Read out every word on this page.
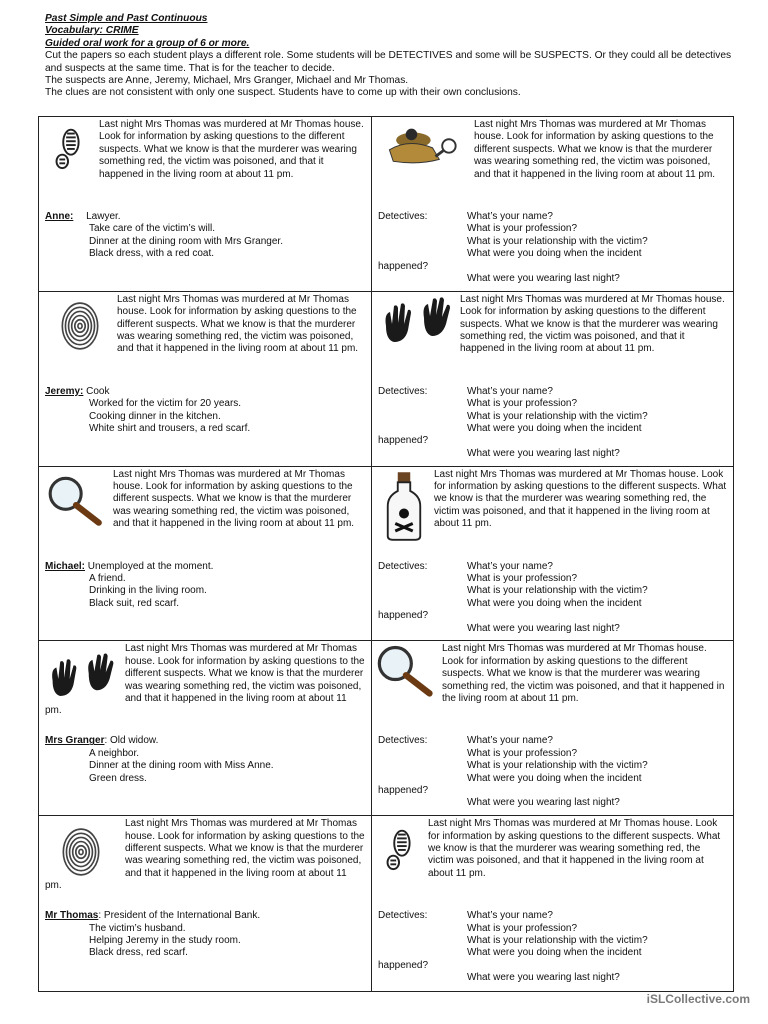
Past Simple and Past Continuous

Vocabulary: CRIME

Guided oral work for a group of 6 or more.

Cut the papers so each student plays a different role. Some students will be DETECTIVES and some will be SUSPECTS. Or they could all be detectives and suspects at the same time. That is for the teacher to decide.

The suspects are Anne, Jeremy, Michael, Mrs Granger, Michael and Mr Thomas.

The clues are not consistent with only one suspect. Students have to come up with their own conclusions.

Last night Mrs Thomas was murdered at Mr Thomas house. Look for information by asking questions to the different suspects. What we know is that the murderer was wearing something red, the victim was poisoned, and that it happened in the living room at about 11 pm.
Anne: Lawyer.
Take care of the victim’s will.
Dinner at the dining room with Mrs Granger.
Black dress, with a red coat.
Last night Mrs Thomas was murdered at Mr Thomas house. Look for information by asking questions to the different suspects. What we know is that the murderer was wearing something red, the victim was poisoned, and that it happened in the living room at about 11 pm.
Detectives:	What’s your name?
What is your profession?
What is your relationship with the victim?
What were you doing when the incident
happened?
What were you wearing last night?
Last night Mrs Thomas was murdered at Mr Thomas house. Look for information by asking questions to the different suspects. What we know is that the murderer was wearing something red, the victim was poisoned, and that it happened in the living room at about 11 pm.
Jeremy: Cook
Worked for the victim for 20 years.
Cooking dinner in the kitchen.
White shirt and trousers, a red scarf.
Last night Mrs Thomas was murdered at Mr Thomas house. Look for information by asking questions to the different suspects. What we know is that the murderer was wearing something red, the victim was poisoned, and that it happened in the living room at about 11 pm.
Detectives:	What’s your name?
What is your profession?
What is your relationship with the victim?
What were you doing when the incident
happened?
What were you wearing last night?
Last night Mrs Thomas was murdered at Mr Thomas house. Look for information by asking questions to the different suspects. What we know is that the murderer was wearing something red, the victim was poisoned, and that it happened in the living room at about 11 pm.
Michael: Unemployed at the moment.
A friend.
Drinking in the living room.
Black suit, red scarf.
Last night Mrs Thomas was murdered at Mr Thomas house. Look for information by asking questions to the different suspects. What we know is that the murderer was wearing something red, the victim was poisoned, and that it happened in the living room at about 11 pm.
Detectives:	What’s your name?
What is your profession?
What is your relationship with the victim?
What were you doing when the incident
happened?
What were you wearing last night?
Last night Mrs Thomas was murdered at Mr Thomas house. Look for information by asking questions to the different suspects. What we know is that the murderer was wearing something red, the victim was poisoned, and that it happened in the living room at about 11 pm.
Mrs Granger: Old widow.
A neighbor.
Dinner at the dining room with Miss Anne.
Green dress.
Last night Mrs Thomas was murdered at Mr Thomas house. Look for information by asking questions to the different suspects. What we know is that the murderer was wearing something red, the victim was poisoned, and that it happened in the living room at about 11 pm.
Detectives:	What’s your name?
What is your profession?
What is your relationship with the victim?
What were you doing when the incident
happened?
What were you wearing last night?
Last night Mrs Thomas was murdered at Mr Thomas house. Look for information by asking questions to the different suspects. What we know is that the murderer was wearing something red, the victim was poisoned, and that it happened in the living room at about 11 pm.
Mr Thomas: President of the International Bank.
The victim’s husband.
Helping Jeremy in the study room.
Black dress, red scarf.
Last night Mrs Thomas was murdered at Mr Thomas house. Look for information by asking questions to the different suspects. What we know is that the murderer was wearing something red, the victim was poisoned, and that it happened in the living room at about 11 pm.
Detectives:	What’s your name?
What is your profession?
What is your relationship with the victim?
What were you doing when the incident
happened?
What were you wearing last night?
iSLCollective.com
